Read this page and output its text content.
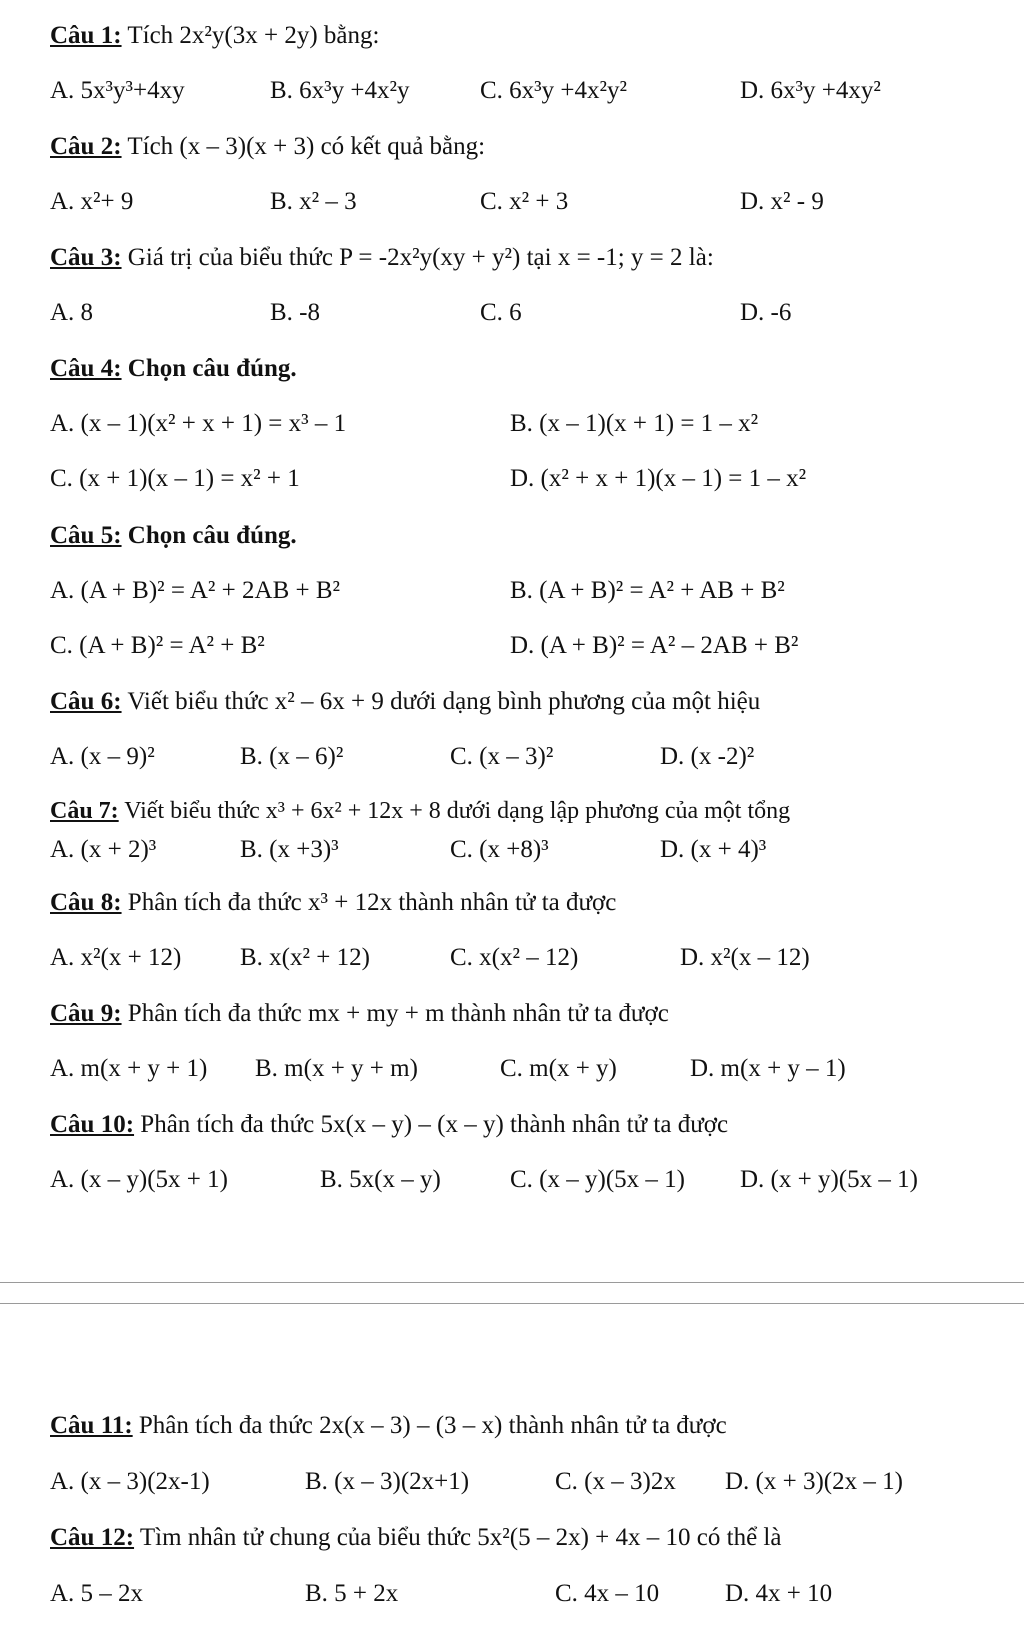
Câu 1: Tích 2x²y(3x + 2y) bằng:
A. 5x³y³+4xy	B. 6x³y +4x²y	C. 6x³y +4x²y²	D. 6x³y +4xy²
Câu 2: Tích (x – 3)(x + 3) có kết quả bằng:
A. x²+ 9	B. x² – 3	C. x² + 3	D. x² - 9
Câu 3: Giá trị của biểu thức P = -2x²y(xy + y²) tại x = -1; y = 2 là:
A. 8	B. -8	C. 6	D. -6
Câu 4: Chọn câu đúng.
A. (x – 1)(x² + x + 1) = x³ – 1	B. (x – 1)(x + 1) = 1 – x²
C. (x + 1)(x – 1) = x² + 1	D. (x² + x + 1)(x – 1) = 1 – x²
Câu 5: Chọn câu đúng.
A. (A + B)² = A² + 2AB + B²	B. (A + B)² = A² + AB + B²
C. (A + B)² = A² + B²	D. (A + B)² = A² – 2AB + B²
Câu 6: Viết biểu thức x² – 6x + 9 dưới dạng bình phương của một hiệu
A. (x – 9)²	B. (x – 6)²	C. (x – 3)²	D. (x -2)²
Câu 7: Viết biểu thức x³ + 6x² + 12x + 8 dưới dạng lập phương của một tổng
A. (x + 2)³	B. (x +3)³	C. (x +8)³	D. (x + 4)³
Câu 8: Phân tích đa thức x³ + 12x thành nhân tử ta được
A. x²(x + 12) B. x(x² + 12)	C. x(x² – 12)	D. x²(x – 12)
Câu 9: Phân tích đa thức mx + my + m thành nhân tử ta được
A. m(x + y + 1) B. m(x + y + m)	C. m(x + y)	D. m(x + y – 1)
Câu 10: Phân tích đa thức 5x(x – y) – (x – y) thành nhân tử ta được
A. (x – y)(5x + 1)	B. 5x(x – y)	C. (x – y)(5x – 1) D. (x + y)(5x – 1)
Câu 11: Phân tích đa thức 2x(x – 3) – (3 – x) thành nhân tử ta được
A. (x – 3)(2x-1)	B. (x – 3)(2x+1)	C. (x – 3)2x D. (x + 3)(2x – 1)
Câu 12: Tìm nhân tử chung của biểu thức 5x²(5 – 2x) + 4x – 10 có thể là
A. 5 – 2x	B. 5 + 2x	C. 4x – 10	D. 4x + 10
